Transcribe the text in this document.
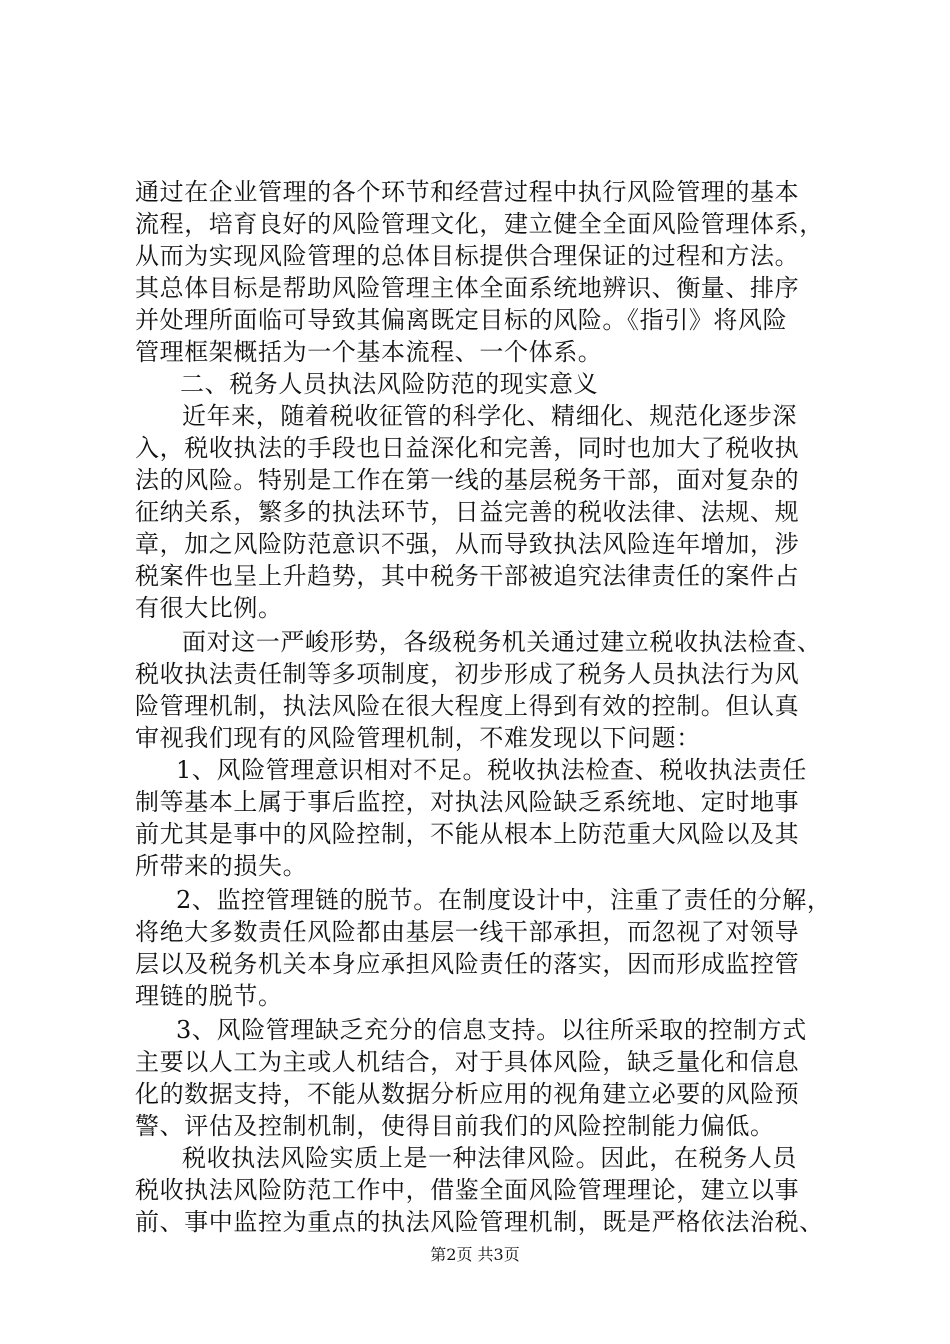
通过在企业管理的各个环节和经营过程中执行风险管理的基本
流程，培育良好的风险管理文化，建立健全全面风险管理体系，
从而为实现风险管理的总体目标提供合理保证的过程和方法。
其总体目标是帮助风险管理主体全面系统地辨识、衡量、排序
并处理所面临可导致其偏离既定目标的风险。《指引》将风险
管理框架概括为一个基本流程、一个体系。
二、税务人员执法风险防范的现实意义
近年来，随着税收征管的科学化、精细化、规范化逐步深
入，税收执法的手段也日益深化和完善，同时也加大了税收执
法的风险。特别是工作在第一线的基层税务干部，面对复杂的
征纳关系，繁多的执法环节，日益完善的税收法律、法规、规
章，加之风险防范意识不强，从而导致执法风险连年增加，涉
税案件也呈上升趋势，其中税务干部被追究法律责任的案件占
有很大比例。
面对这一严峻形势，各级税务机关通过建立税收执法检查、
税收执法责任制等多项制度，初步形成了税务人员执法行为风
险管理机制，执法风险在很大程度上得到有效的控制。但认真
审视我们现有的风险管理机制，不难发现以下问题：
1、风险管理意识相对不足。税收执法检查、税收执法责任
制等基本上属于事后监控，对执法风险缺乏系统地、定时地事
前尤其是事中的风险控制，不能从根本上防范重大风险以及其
所带来的损失。
2、监控管理链的脱节。在制度设计中，注重了责任的分解，
将绝大多数责任风险都由基层一线干部承担，而忽视了对领导
层以及税务机关本身应承担风险责任的落实，因而形成监控管
理链的脱节。
3、风险管理缺乏充分的信息支持。以往所采取的控制方式
主要以人工为主或人机结合，对于具体风险，缺乏量化和信息
化的数据支持，不能从数据分析应用的视角建立必要的风险预
警、评估及控制机制，使得目前我们的风险控制能力偏低。
税收执法风险实质上是一种法律风险。因此，在税务人员
税收执法风险防范工作中，借鉴全面风险管理理论，建立以事
前、事中监控为重点的执法风险管理机制，既是严格依法治税、
第2页 共3页
